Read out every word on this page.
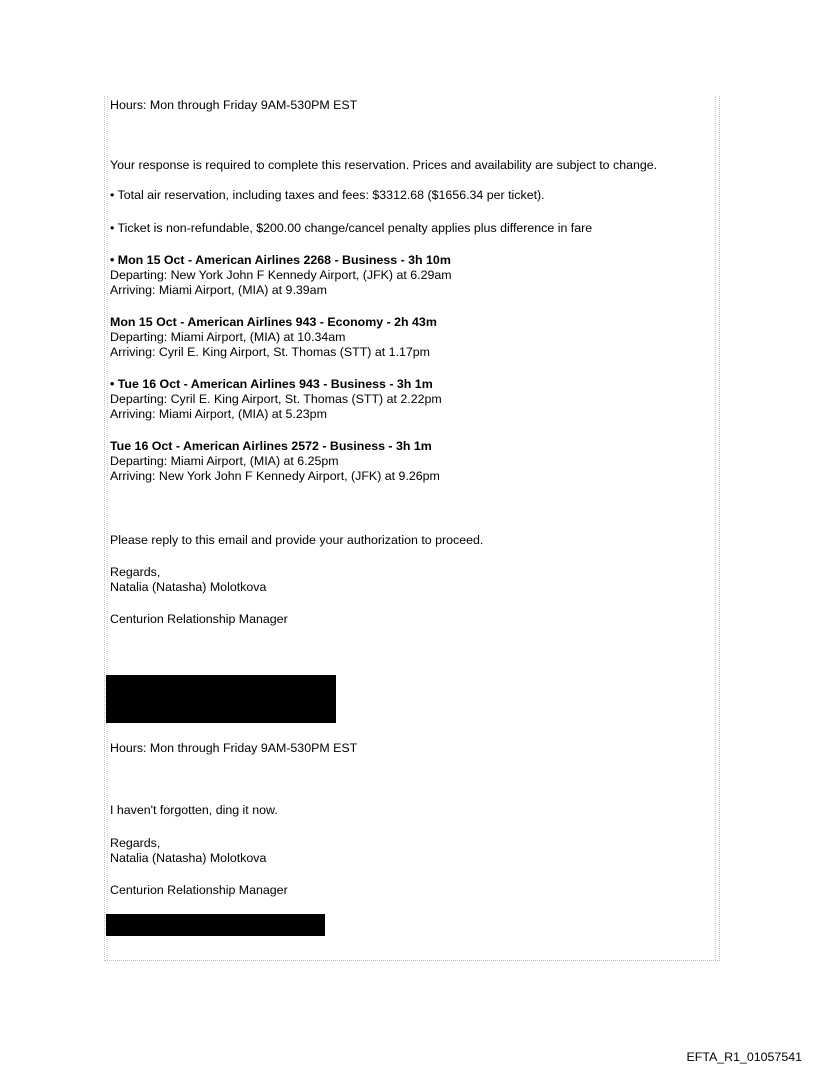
Hours: Mon through Friday 9AM-530PM EST

Your response is required to complete this reservation. Prices and availability are subject to change.

• Total air reservation, including taxes and fees: $3312.68 ($1656.34 per ticket).

• Ticket is non-refundable, $200.00 change/cancel penalty applies plus difference in fare

• Mon 15 Oct - American Airlines 2268 - Business - 3h 10m

Departing: New York John F Kennedy Airport, (JFK) at 6.29am

Arriving: Miami Airport, (MIA) at 9.39am

Mon 15 Oct - American Airlines 943 - Economy - 2h 43m

Departing: Miami Airport, (MIA) at 10.34am

Arriving: Cyril E. King Airport, St. Thomas (STT) at 1.17pm

• Tue 16 Oct - American Airlines 943 - Business - 3h 1m

Departing: Cyril E. King Airport, St. Thomas (STT) at 2.22pm

Arriving: Miami Airport, (MIA) at 5.23pm

Tue 16 Oct - American Airlines 2572 - Business - 3h 1m

Departing: Miami Airport, (MIA) at 6.25pm

Arriving: New York John F Kennedy Airport, (JFK) at 9.26pm

Please reply to this email and provide your authorization to proceed.

Regards,

Natalia (Natasha) Molotkova

Centurion Relationship Manager

Hours: Mon through Friday 9AM-530PM EST

I haven't forgotten, ding it now.

Regards,

Natalia (Natasha) Molotkova

Centurion Relationship Manager

EFTA_R1_01057541
